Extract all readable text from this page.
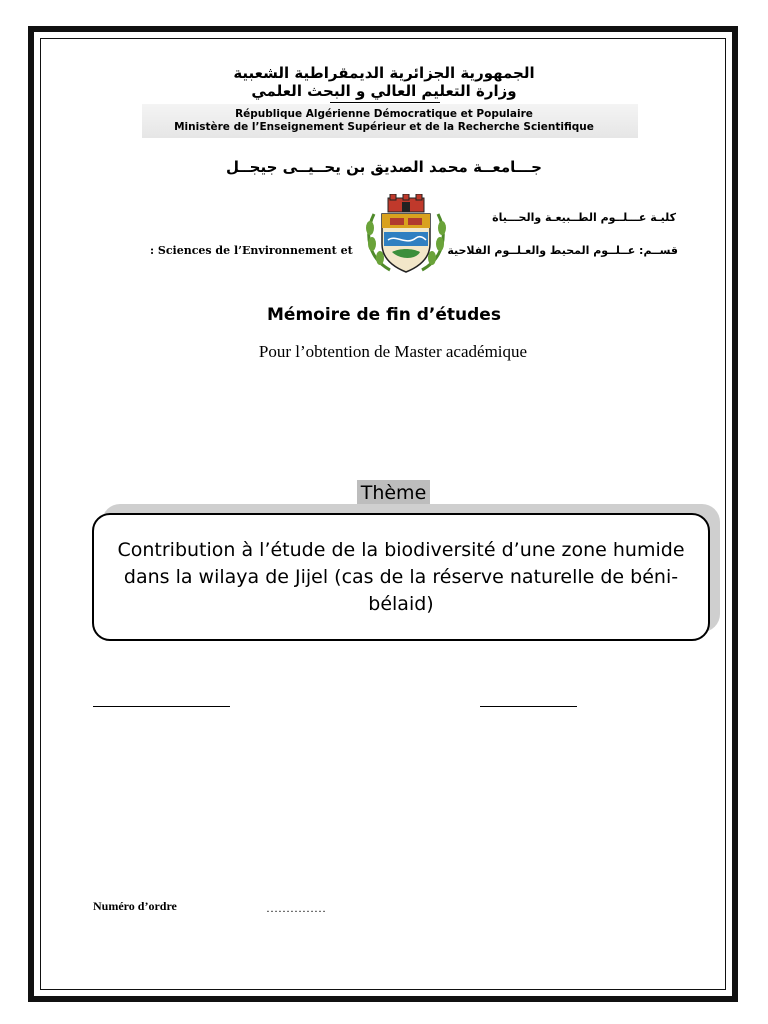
الجمهورية الجزائرية الديمقراطية الشعبية
وزارة التعليم العالي و البحث العلمي
République Algérienne Démocratique et Populaire
Ministère de l’Enseignement Supérieur et de la Recherche Scientifique
جـــامعــة محمد الصديق بن يحــيــى جيجــل
كليـة عـــلــوم الطــبيعـة والحـــياة
قســم: عــلــوم المحيط والعـلــوم الفلاحية
: Sciences de l’Environnement et
Mémoire de fin d’études
Pour l’obtention de Master académique
Thème
Contribution à l’étude de la biodiversité d’une zone humide dans la wilaya de Jijel (cas de la réserve naturelle de béni-bélaid)
Numéro d’ordre	……………
